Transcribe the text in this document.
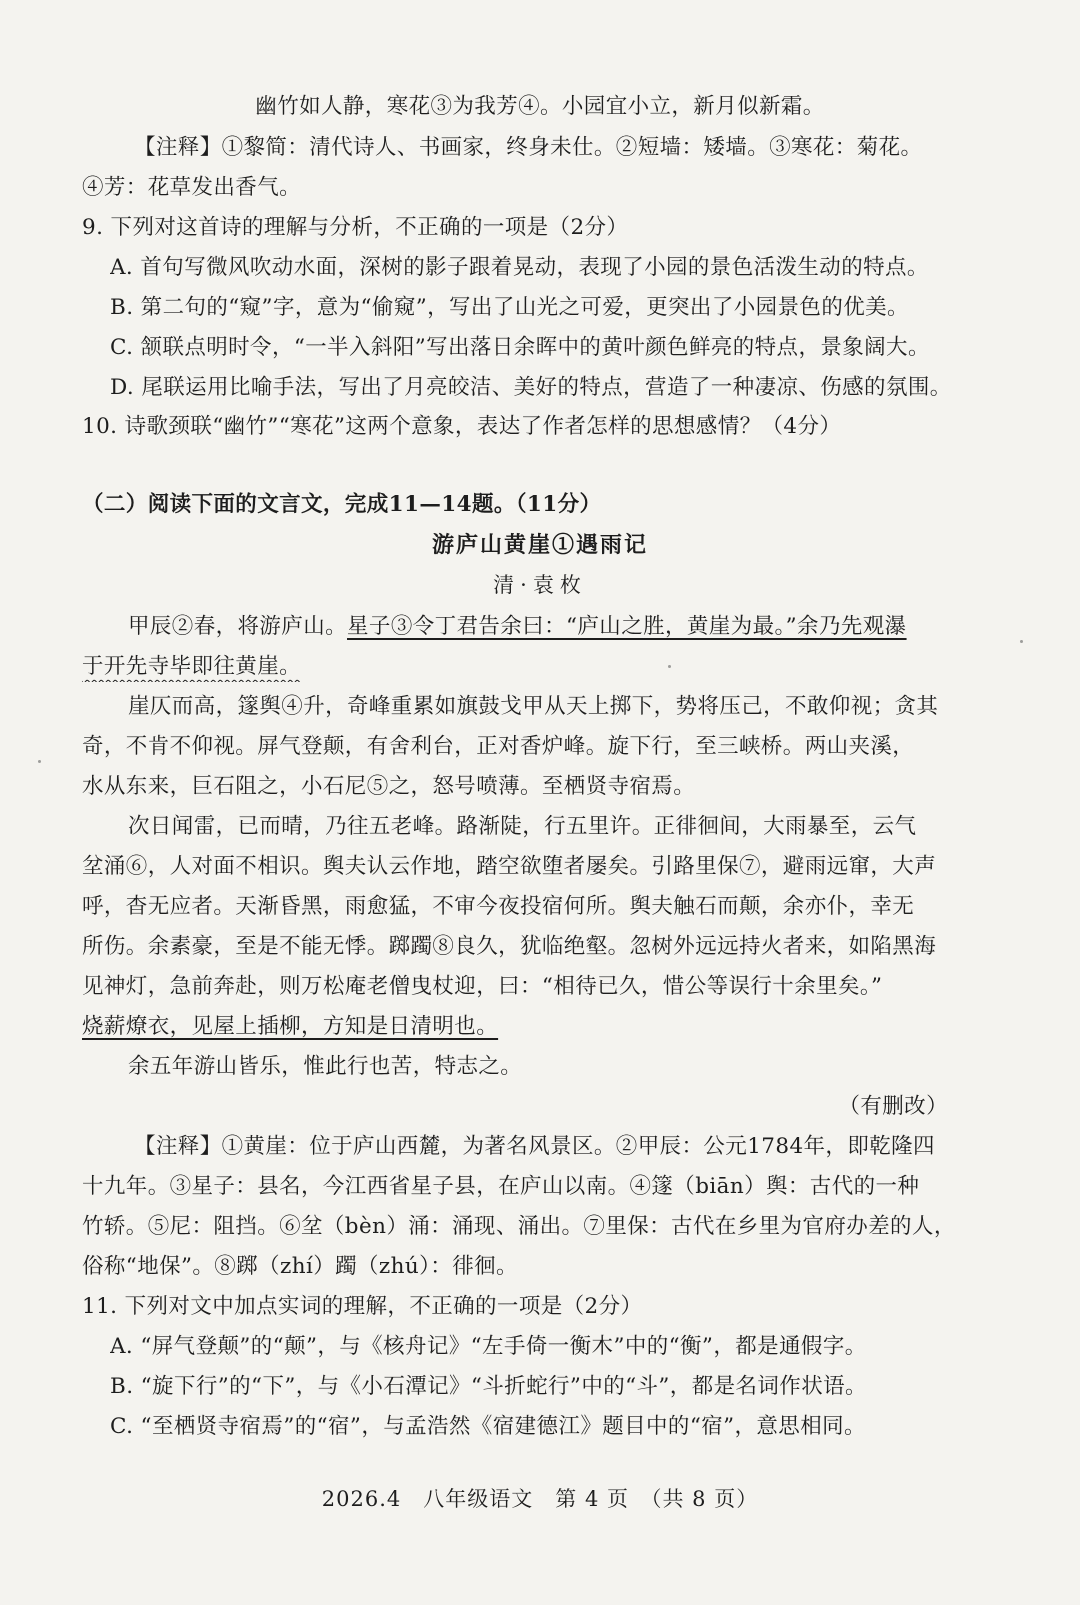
幽竹如人静，寒花③为我芳④。小园宜小立，新月似新霜。
【注释】①黎简：清代诗人、书画家，终身未仕。②短墙：矮墙。③寒花：菊花。
④芳：花草发出香气。
9. 下列对这首诗的理解与分析，不正确的一项是（2分）
A. 首句写微风吹动水面，深树的影子跟着晃动，表现了小园的景色活泼生动的特点。
B. 第二句的“窥”字，意为“偷窥”，写出了山光之可爱，更突出了小园景色的优美。
C. 颔联点明时令，“一半入斜阳”写出落日余晖中的黄叶颜色鲜亮的特点，景象阔大。
D. 尾联运用比喻手法，写出了月亮皎洁、美好的特点，营造了一种凄凉、伤感的氛围。
10. 诗歌颈联“幽竹”“寒花”这两个意象，表达了作者怎样的思想感情？（4分）
（二）阅读下面的文言文，完成11—14题。（11分）
游庐山黄崖①遇雨记
清·袁枚
甲辰②春，将游庐山。星子③令丁君告余曰：“庐山之胜，黄崖为最。”余乃先观瀑
于开先寺毕即往黄崖。
崖仄而高，篴舆④升，奇峰重累如旗鼓戈甲从天上掷下，势将压己，不敢仰视；贪其
奇，不肯不仰视。屏气登颠，有舍利台，正对香炉峰。旋下行，至三峡桥。两山夹溪，
水从东来，巨石阻之，小石尼⑤之，怒号喷薄。至栖贤寺宿焉。
次日闻雷，已而晴，乃往五老峰。路渐陡，行五里许。正徘徊间，大雨暴至，云气
坌涌⑥，人对面不相识。舆夫认云作地，踏空欲堕者屡矣。引路里保⑦，避雨远窜，大声
呼，杳无应者。天渐昏黑，雨愈猛，不审今夜投宿何所。舆夫触石而颠，余亦仆，幸无
所伤。余素豪，至是不能无悸。踯躅⑧良久，犹临绝壑。忽树外远远持火者来，如陷黑海
见神灯，急前奔赴，则万松庵老僧曳杖迎，曰：“相待已久，惜公等误行十余里矣。”
烧薪燎衣，见屋上插柳，方知是日清明也。
余五年游山皆乐，惟此行也苦，特志之。
（有删改）
【注释】①黄崖：位于庐山西麓，为著名风景区。②甲辰：公元1784年，即乾隆四
十九年。③星子：县名，今江西省星子县，在庐山以南。④篴（biān）舆：古代的一种
竹轿。⑤尼：阻挡。⑥坌（bèn）涌：涌现、涌出。⑦里保：古代在乡里为官府办差的人，
俗称“地保”。⑧踯（zhí）躅（zhú）：徘徊。
11. 下列对文中加点实词的理解，不正确的一项是（2分）
A. “屏气登颠”的“颠”，与《核舟记》“左手倚一衡木”中的“衡”，都是通假字。
B. “旋下行”的“下”，与《小石潭记》“斗折蛇行”中的“斗”，都是名词作状语。
C. “至栖贤寺宿焉”的“宿”，与孟浩然《宿建德江》题目中的“宿”，意思相同。
2026.4　八年级语文　第 4 页　（共 8 页）
